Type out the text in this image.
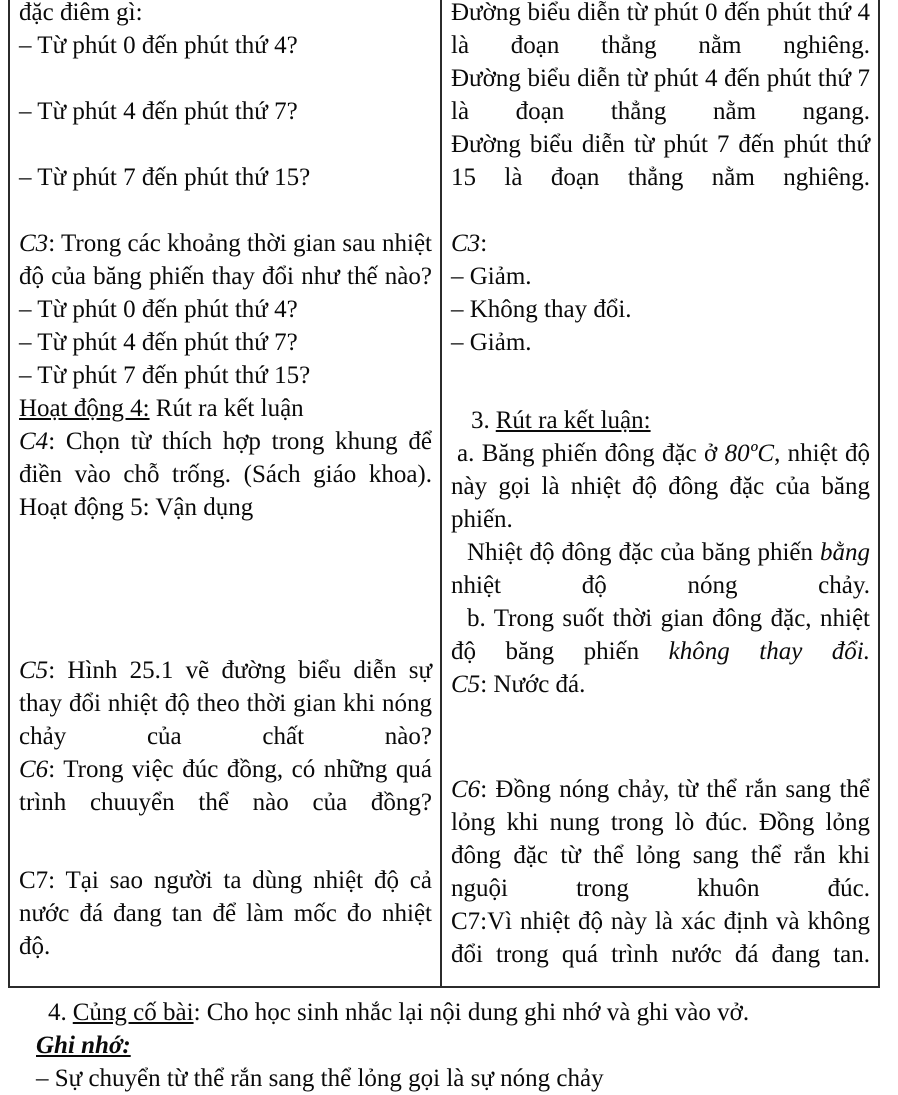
đặc điêm gì:
– Từ phút 0 đến phút thứ 4?
– Từ phút 4 đến phút thứ 7?
– Từ phút 7 đến phút thứ 15?
C3: Trong các khoảng thời gian sau nhiệt độ của băng phiến thay đổi như thế nào?
– Từ phút 0 đến phút thứ 4?
– Từ phút 4 đến phút thứ 7?
– Từ phút 7 đến phút thứ 15?
Hoạt động 4: Rút ra kết luận
C4: Chọn từ thích hợp trong khung để điền vào chỗ trống. (Sách giáo khoa).
Hoạt động 5: Vận dụng
C5: Hình 25.1 vẽ đường biểu diễn sự thay đổi nhiệt độ theo thời gian khi nóng chảy của chất nào?
C6: Trong việc đúc đồng, có những quá trình chuuyển thể nào của đồng?
C7: Tại sao người ta dùng nhiệt độ cả nước đá đang tan để làm mốc đo nhiệt độ.
Đường biểu diễn từ phút 0 đến phút thứ 4 là đoạn thẳng nằm nghiêng.
Đường biểu diễn từ phút 4 đến phút thứ 7 là đoạn thẳng nằm ngang.
Đường biểu diễn từ phút 7 đến phút thứ 15 là đoạn thẳng nằm nghiêng.
C3:
– Giảm.
– Không thay đổi.
– Giảm.
3. Rút ra kết luận:
a. Băng phiến đông đặc ở 80ºC, nhiệt độ này gọi là nhiệt độ đông đặc của băng phiến.
Nhiệt độ đông đặc của băng phiến bằng nhiệt độ nóng chảy.
b. Trong suốt thời gian đông đặc, nhiệt độ băng phiến không thay đổi.
C5: Nước đá.
C6: Đồng nóng chảy, từ thể rắn sang thể lỏng khi nung trong lò đúc. Đồng lỏng đông đặc từ thể lỏng sang thể rắn khi nguội trong khuôn đúc.
C7:Vì nhiệt độ này là xác định và không đổi trong quá trình nước đá đang tan.
4. Củng cố bài: Cho học sinh nhắc lại nội dung ghi nhớ và ghi vào vở.
Ghi nhớ:
– Sự chuyển từ thể rắn sang thể lỏng gọi là sự nóng chảy
